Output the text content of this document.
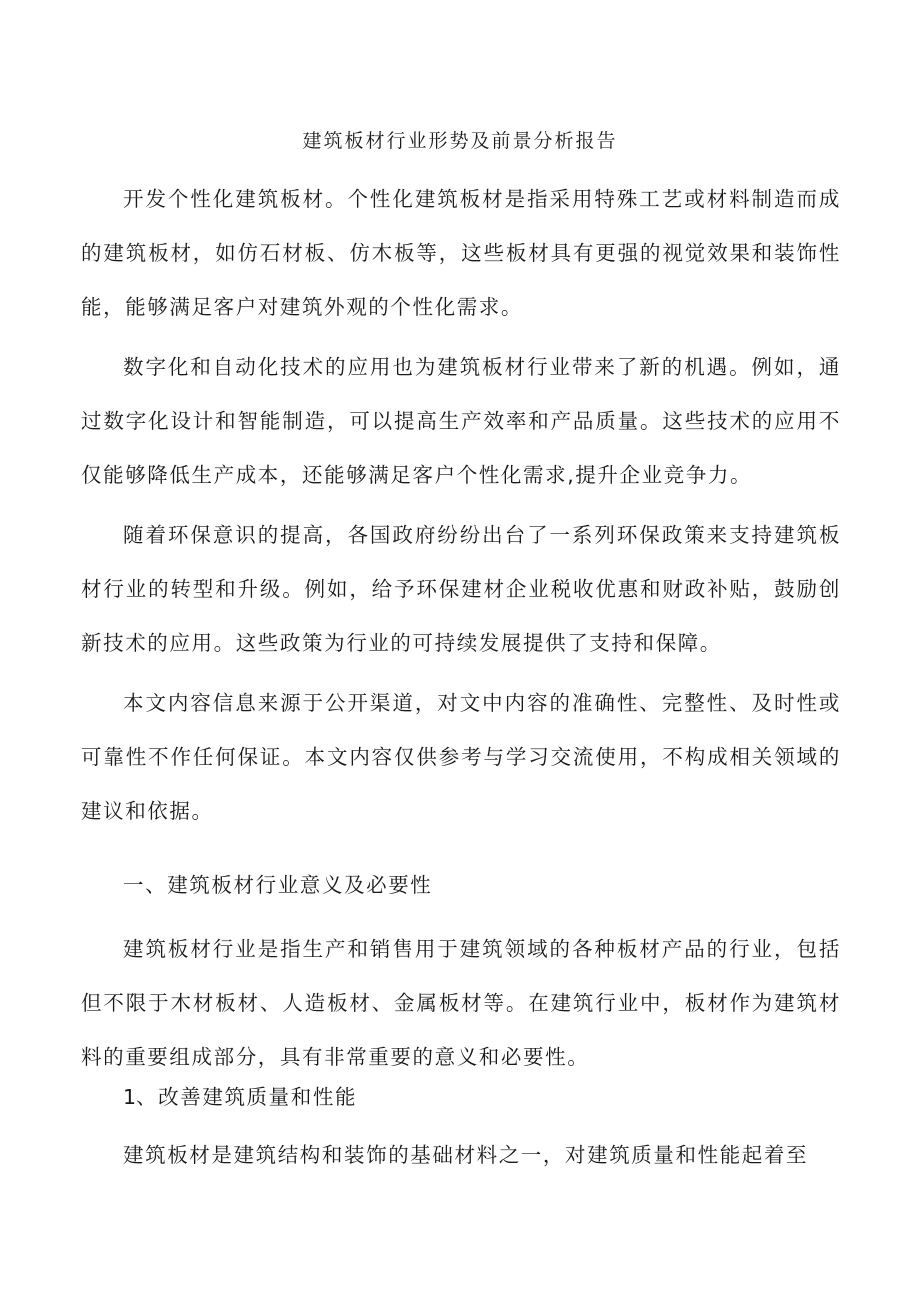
建筑板材行业形势及前景分析报告

开发个性化建筑板材。个性化建筑板材是指采用特殊工艺或材料制造而成的建筑板材，如仿石材板、仿木板等，这些板材具有更强的视觉效果和装饰性能，能够满足客户对建筑外观的个性化需求。

数字化和自动化技术的应用也为建筑板材行业带来了新的机遇。例如，通过数字化设计和智能制造，可以提高生产效率和产品质量。这些技术的应用不仅能够降低生产成本，还能够满足客户个性化需求,提升企业竞争力。

随着环保意识的提高，各国政府纷纷出台了一系列环保政策来支持建筑板材行业的转型和升级。例如，给予环保建材企业税收优惠和财政补贴，鼓励创新技术的应用。这些政策为行业的可持续发展提供了支持和保障。

本文内容信息来源于公开渠道，对文中内容的准确性、完整性、及时性或可靠性不作任何保证。本文内容仅供参考与学习交流使用，不构成相关领域的建议和依据。

一、建筑板材行业意义及必要性

建筑板材行业是指生产和销售用于建筑领域的各种板材产品的行业，包括但不限于木材板材、人造板材、金属板材等。在建筑行业中，板材作为建筑材料的重要组成部分，具有非常重要的意义和必要性。

1、改善建筑质量和性能

建筑板材是建筑结构和装饰的基础材料之一，对建筑质量和性能起着至
